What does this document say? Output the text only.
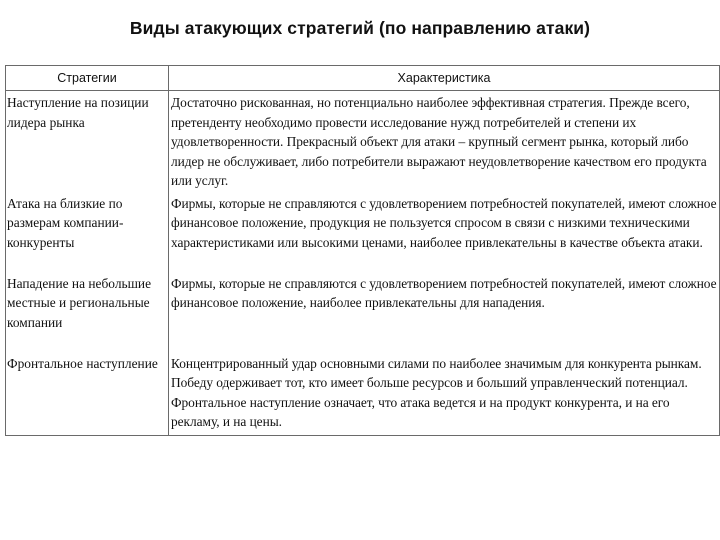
Виды атакующих стратегий (по направлению атаки)
Стратегии	Характеристика
Наступление на позиции лидера рынка	Достаточно рискованная, но потенциально наиболее эффективная стратегия. Прежде всего, претенденту необходимо провести исследование нужд потребителей и степени их удовлетворенности. Прекрасный объект для атаки – крупный сегмент рынка, который либо лидер не обслуживает, либо потребители выражают неудовлетворение качеством его продукта или услуг.
Атака на близкие по размерам компании-конкуренты	Фирмы, которые не справляются с удовлетворением потребностей покупателей, имеют сложное финансовое положение, продукция не пользуется спросом в связи с низкими техническими характеристиками или высокими ценами, наиболее привлекательны в качестве объекта атаки.
Нападение на небольшие местные и региональные компании	Фирмы, которые не справляются с удовлетворением потребностей покупателей, имеют сложное финансовое положение, наиболее привлекательны для нападения.
Фронтальное наступление	Концентрированный удар основными силами по наиболее значимым для конкурента рынкам. Победу одерживает тот, кто имеет больше ресурсов и больший управленческий потенциал. Фронтальное наступление означает, что атака ведется и на продукт конкурента, и на его рекламу, и на цены.
